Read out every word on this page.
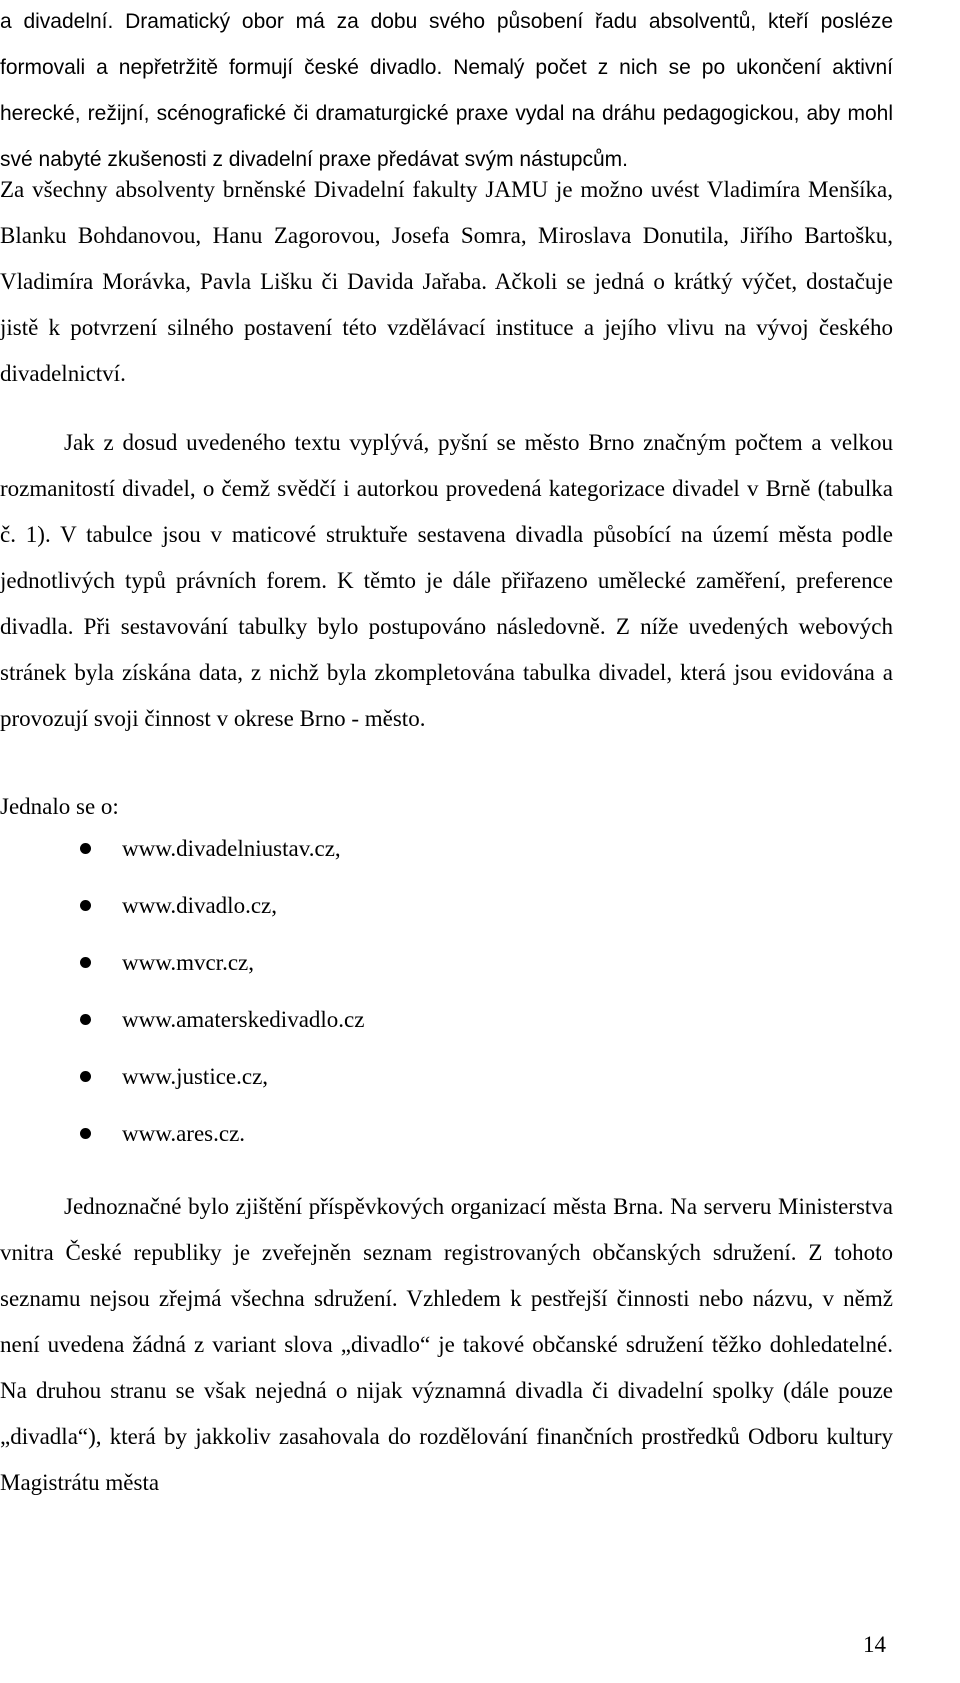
a divadelní. Dramatický obor má za dobu svého působení řadu absolventů, kteří posléze formovali a nepřetržitě formují české divadlo. Nemalý počet z nich se po ukončení aktivní herecké, režijní, scénografické či dramaturgické praxe vydal na dráhu pedagogickou, aby mohl své nabyté zkušenosti z divadelní praxe předávat svým nástupcům.

Za všechny absolventy brněnské Divadelní fakulty JAMU je možno uvést Vladimíra Menšíka, Blanku Bohdanovou, Hanu Zagorovou, Josefa Somra, Miroslava Donutila, Jiřího Bartošku, Vladimíra Morávka, Pavla Lišku či Davida Jařaba. Ačkoli se jedná o krátký výčet, dostačuje jistě k potvrzení silného postavení této vzdělávací instituce a jejího vlivu na vývoj českého divadelnictví.

Jak z dosud uvedeného textu vyplývá, pyšní se město Brno značným počtem a velkou rozmanitostí divadel, o čemž svědčí i autorkou provedená kategorizace divadel v Brně (tabulka č. 1). V tabulce jsou v maticové struktuře sestavena divadla působící na území města podle jednotlivých typů právních forem. K těmto je dále přiřazeno umělecké zaměření, preference divadla. Při sestavování tabulky bylo postupováno následovně. Z níže uvedených webových stránek byla získána data, z nichž byla zkompletována tabulka divadel, která jsou evidována a provozují svoji činnost v okrese Brno - město.

Jednalo se o:

www.divadelniustav.cz,
www.divadlo.cz,
www.mvcr.cz,
www.amaterskedivadlo.cz
www.justice.cz,
www.ares.cz.

Jednoznačné bylo zjištění příspěvkových organizací města Brna. Na serveru Ministerstva vnitra České republiky je zveřejněn seznam registrovaných občanských sdružení. Z tohoto seznamu nejsou zřejmá všechna sdružení. Vzhledem k pestřejší činnosti nebo názvu, v němž není uvedena žádná z variant slova „divadlo“ je takové občanské sdružení těžko dohledatelné. Na druhou stranu se však nejedná o nijak významná divadla či divadelní spolky (dále pouze „divadla“), která by jakkoliv zasahovala do rozdělování finančních prostředků Odboru kultury Magistrátu města

14
